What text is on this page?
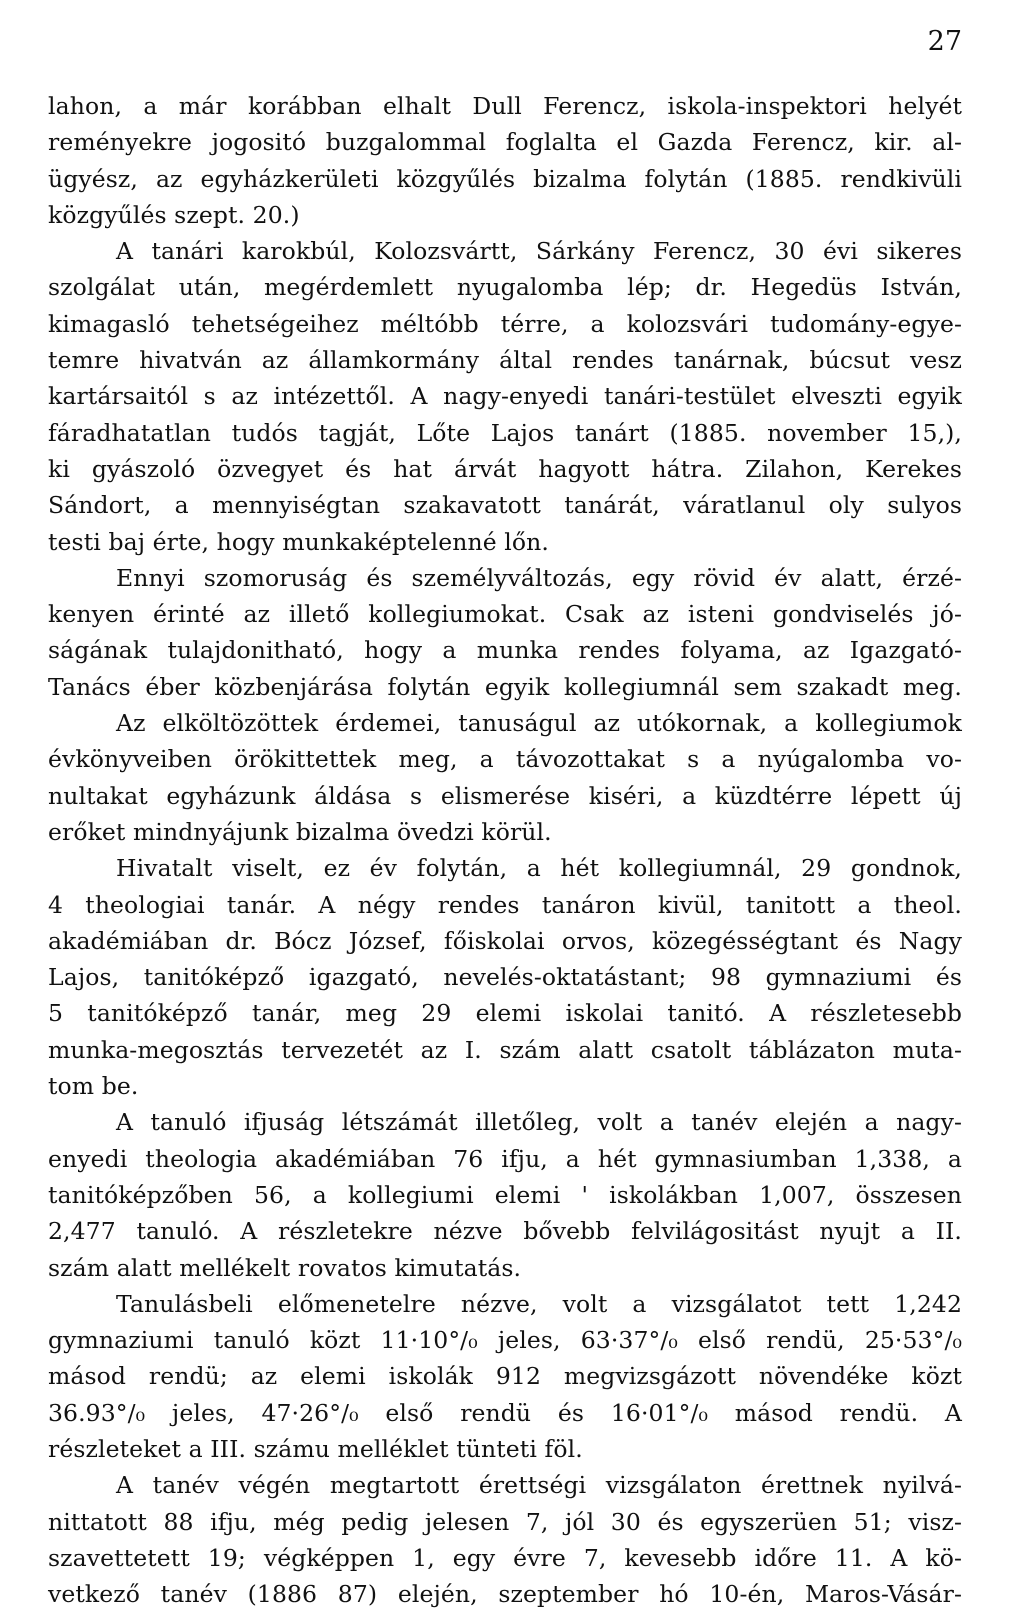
27
lahon, a már korábban elhalt Dull Ferencz, iskola-inspektori helyét
reményekre jogositó buzgalommal foglalta el Gazda Ferencz, kir. al-
ügyész, az egyházkerületi közgyűlés bizalma folytán (1885. rendkivüli
közgyűlés szept. 20.)
A tanári karokbúl, Kolozsvártt, Sárkány Ferencz, 30 évi sikeres
szolgálat után, megérdemlett nyugalomba lép; dr. Hegedüs István,
kimagasló tehetségeihez méltóbb térre, a kolozsvári tudomány-egye-
temre hivatván az államkormány által rendes tanárnak, búcsut vesz
kartársaitól s az intézettől. A nagy-enyedi tanári-testület elveszti egyik
fáradhatatlan tudós tagját, Lőte Lajos tanárt (1885. november 15,),
ki gyászoló özvegyet és hat árvát hagyott hátra. Zilahon, Kerekes
Sándort, a mennyiségtan szakavatott tanárát, váratlanul oly sulyos
testi baj érte, hogy munkaképtelenné lőn.
Ennyi szomoruság és személyváltozás, egy rövid év alatt, érzé-
kenyen érinté az illető kollegiumokat. Csak az isteni gondviselés jó-
ságának tulajdonitható, hogy a munka rendes folyama, az Igazgató-
Tanács éber közbenjárása folytán egyik kollegiumnál sem szakadt meg.
Az elköltözöttek érdemei, tanuságul az utókornak, a kollegiumok
évkönyveiben örökittettek meg, a távozottakat s a nyúgalomba vo-
nultakat egyházunk áldása s elismerése kiséri, a küzdtérre lépett új
erőket mindnyájunk bizalma övedzi körül.
Hivatalt viselt, ez év folytán, a hét kollegiumnál, 29 gondnok,
4 theologiai tanár. A négy rendes tanáron kivül, tanitott a theol.
akadémiában dr. Bócz József, főiskolai orvos, közegésségtant és Nagy
Lajos, tanitóképző igazgató, nevelés-oktatástant; 98 gymnaziumi és
5 tanitóképző tanár, meg 29 elemi iskolai tanitó. A részletesebb
munka-megosztás tervezetét az I. szám alatt csatolt táblázaton muta-
tom be.
A tanuló ifjuság létszámát illetőleg, volt a tanév elején a nagy-
enyedi theologia akadémiában 76 ifju, a hét gymnasiumban 1,338, a
tanitóképzőben 56, a kollegiumi elemi ' iskolákban 1,007, összesen
2,477 tanuló. A részletekre nézve bővebb felvilágositást nyujt a II.
szám alatt mellékelt rovatos kimutatás.
Tanulásbeli előmenetelre nézve, volt a vizsgálatot tett 1,242
gymnaziumi tanuló közt 11·10°/₀ jeles, 63·37°/₀ első rendü, 25·53°/₀
másod rendü; az elemi iskolák 912 megvizsgázott növendéke közt
36.93°/₀ jeles, 47·26°/₀ első rendü és 16·01°/₀ másod rendü. A
részleteket a III. számu melléklet tünteti föl.
A tanév végén megtartott érettségi vizsgálaton érettnek nyilvá-
nittatott 88 ifju, még pedig jelesen 7, jól 30 és egyszerüen 51; visz-
szavettetett 19; végképpen 1, egy évre 7, kevesebb időre 11. A kö-
vetkező tanév (1886 87) elején, szeptember hó 10-én, Maros-Vásár-
